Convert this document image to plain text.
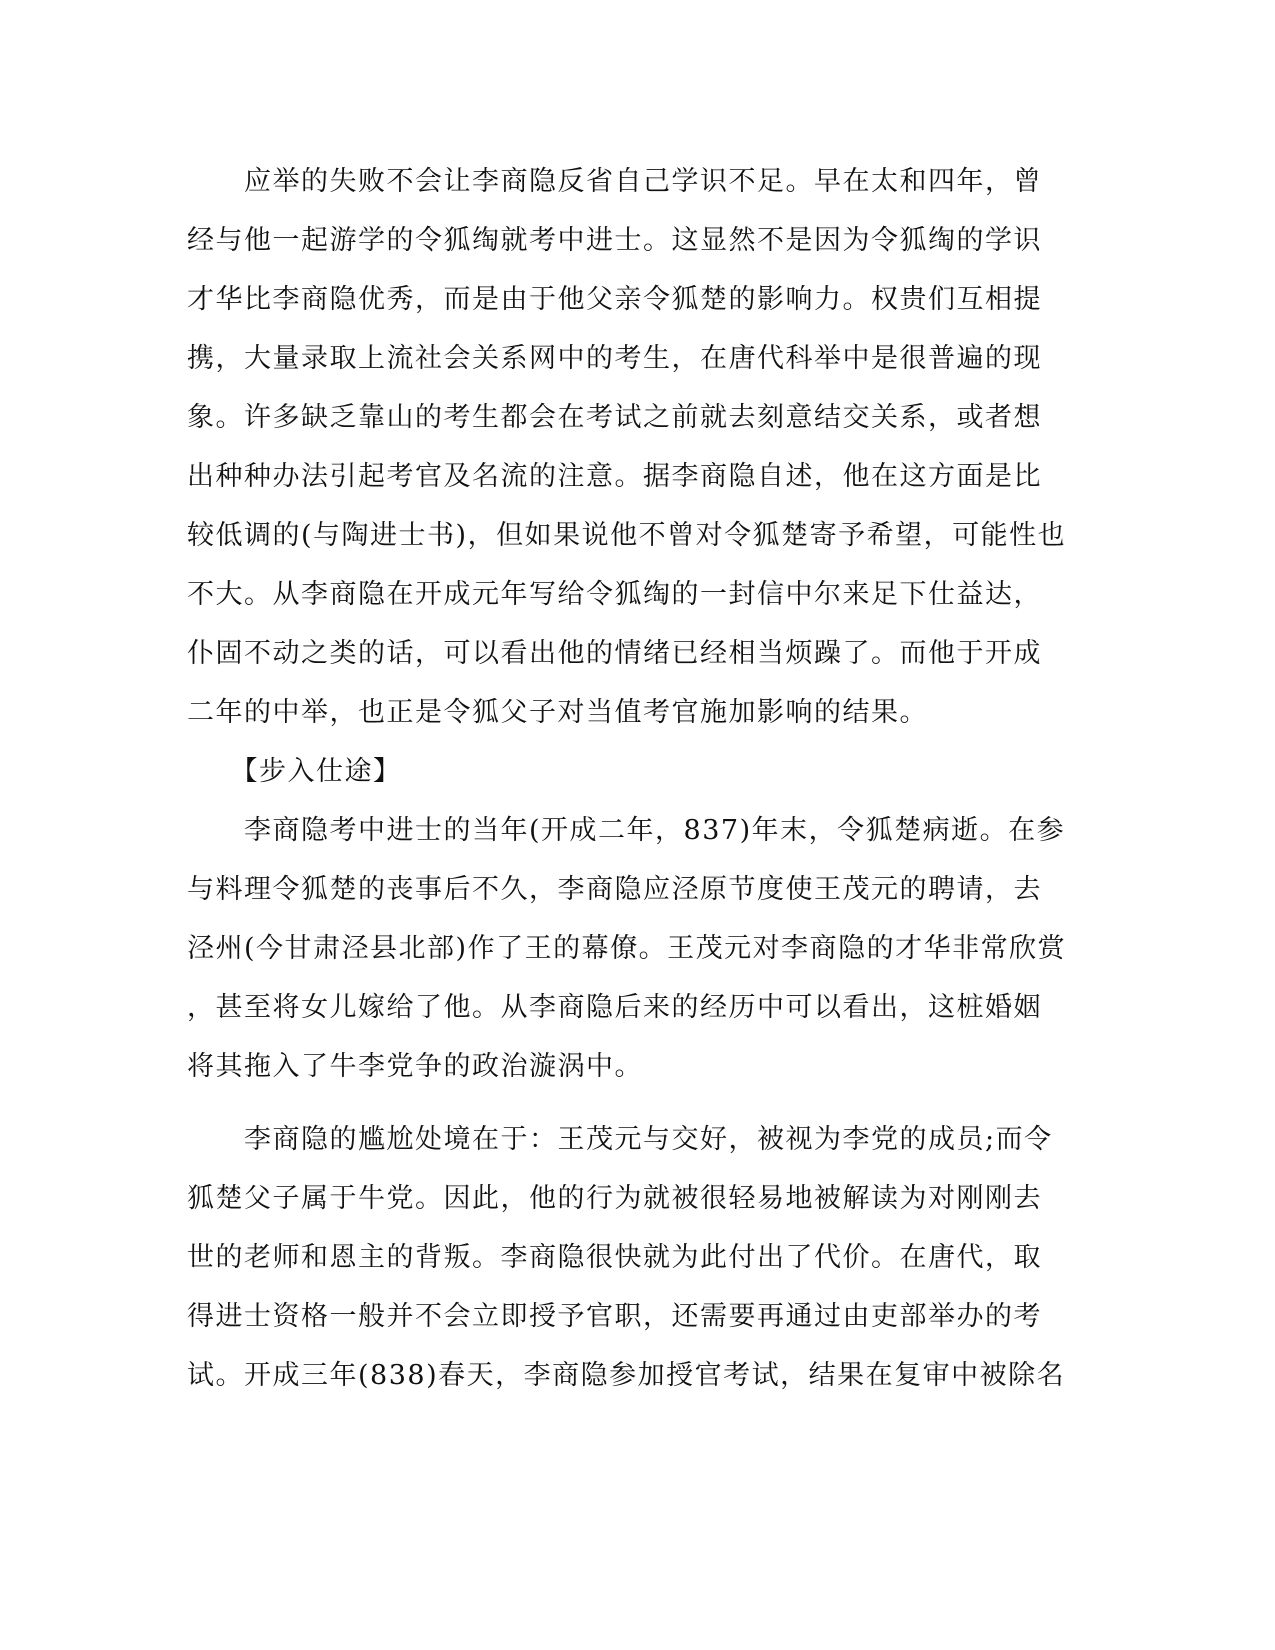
　　应举的失败不会让李商隐反省自己学识不足。早在太和四年，曾
经与他一起游学的令狐绹就考中进士。这显然不是因为令狐绹的学识
才华比李商隐优秀，而是由于他父亲令狐楚的影响力。权贵们互相提
携，大量录取上流社会关系网中的考生，在唐代科举中是很普遍的现
象。许多缺乏靠山的考生都会在考试之前就去刻意结交关系，或者想
出种种办法引起考官及名流的注意。据李商隐自述，他在这方面是比
较低调的(与陶进士书)，但如果说他不曾对令狐楚寄予希望，可能性也
不大。从李商隐在开成元年写给令狐绹的一封信中尔来足下仕益达，
仆固不动之类的话，可以看出他的情绪已经相当烦躁了。而他于开成
二年的中举，也正是令狐父子对当值考官施加影响的结果。
　　【步入仕途】
　　李商隐考中进士的当年(开成二年，837)年末，令狐楚病逝。在参
与料理令狐楚的丧事后不久，李商隐应泾原节度使王茂元的聘请，去
泾州(今甘肃泾县北部)作了王的幕僚。王茂元对李商隐的才华非常欣赏
，甚至将女儿嫁给了他。从李商隐后来的经历中可以看出，这桩婚姻
将其拖入了牛李党争的政治漩涡中。
　　李商隐的尴尬处境在于：王茂元与交好，被视为李党的成员;而令
狐楚父子属于牛党。因此，他的行为就被很轻易地被解读为对刚刚去
世的老师和恩主的背叛。李商隐很快就为此付出了代价。在唐代，取
得进士资格一般并不会立即授予官职，还需要再通过由吏部举办的考
试。开成三年(838)春天，李商隐参加授官考试，结果在复审中被除名
